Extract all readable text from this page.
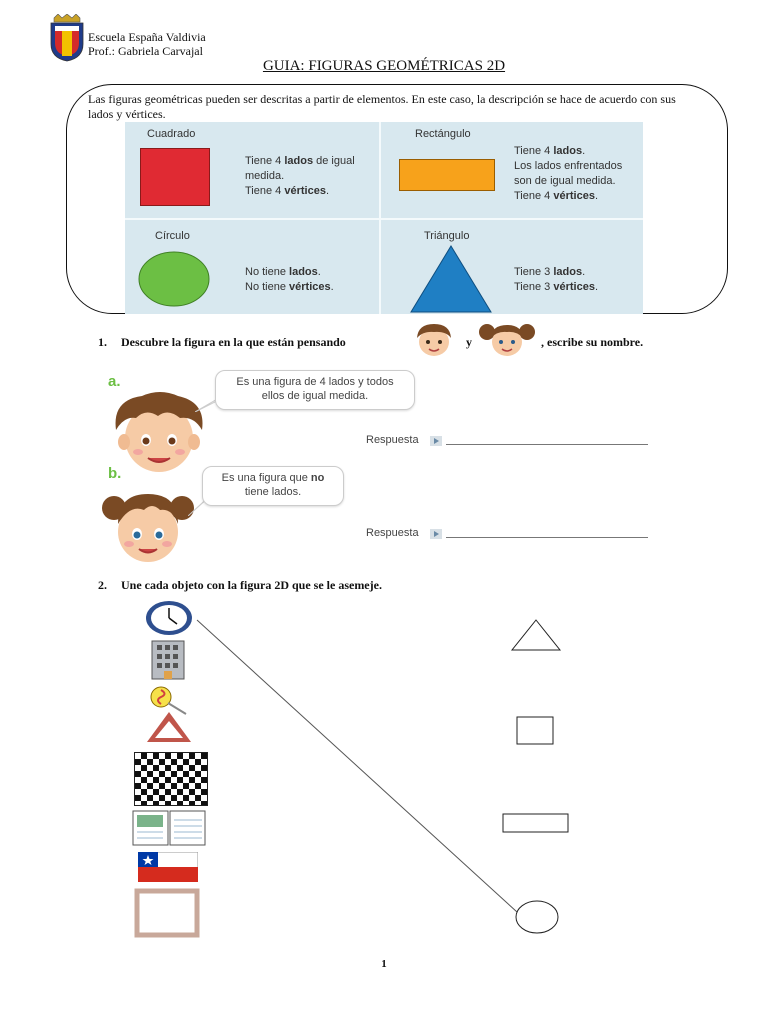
Escuela España Valdivia
Prof.: Gabriela Carvajal
GUIA: FIGURAS GEOMÉTRICAS 2D
Las figuras geométricas pueden ser descritas a partir de elementos. En este caso, la descripción se hace de acuerdo con sus lados y vértices.
Cuadrado
Tiene 4 lados de igual
medida.
Tiene 4 vértices.
Rectángulo
Tiene 4 lados.
Los lados enfrentados
son de igual medida.
Tiene 4 vértices.
Círculo
No tiene lados.
No tiene vértices.
Triángulo
Tiene 3 lados.
Tiene 3 vértices.
1. Descubre la figura en la que están pensando	y	, escribe su nombre.
a.	Es una figura de 4 lados y todos
ellos de igual medida.
Respuesta
b.	Es una figura que no
tiene lados.
Respuesta
2. Une cada objeto con la figura 2D que se le asemeje.
1
